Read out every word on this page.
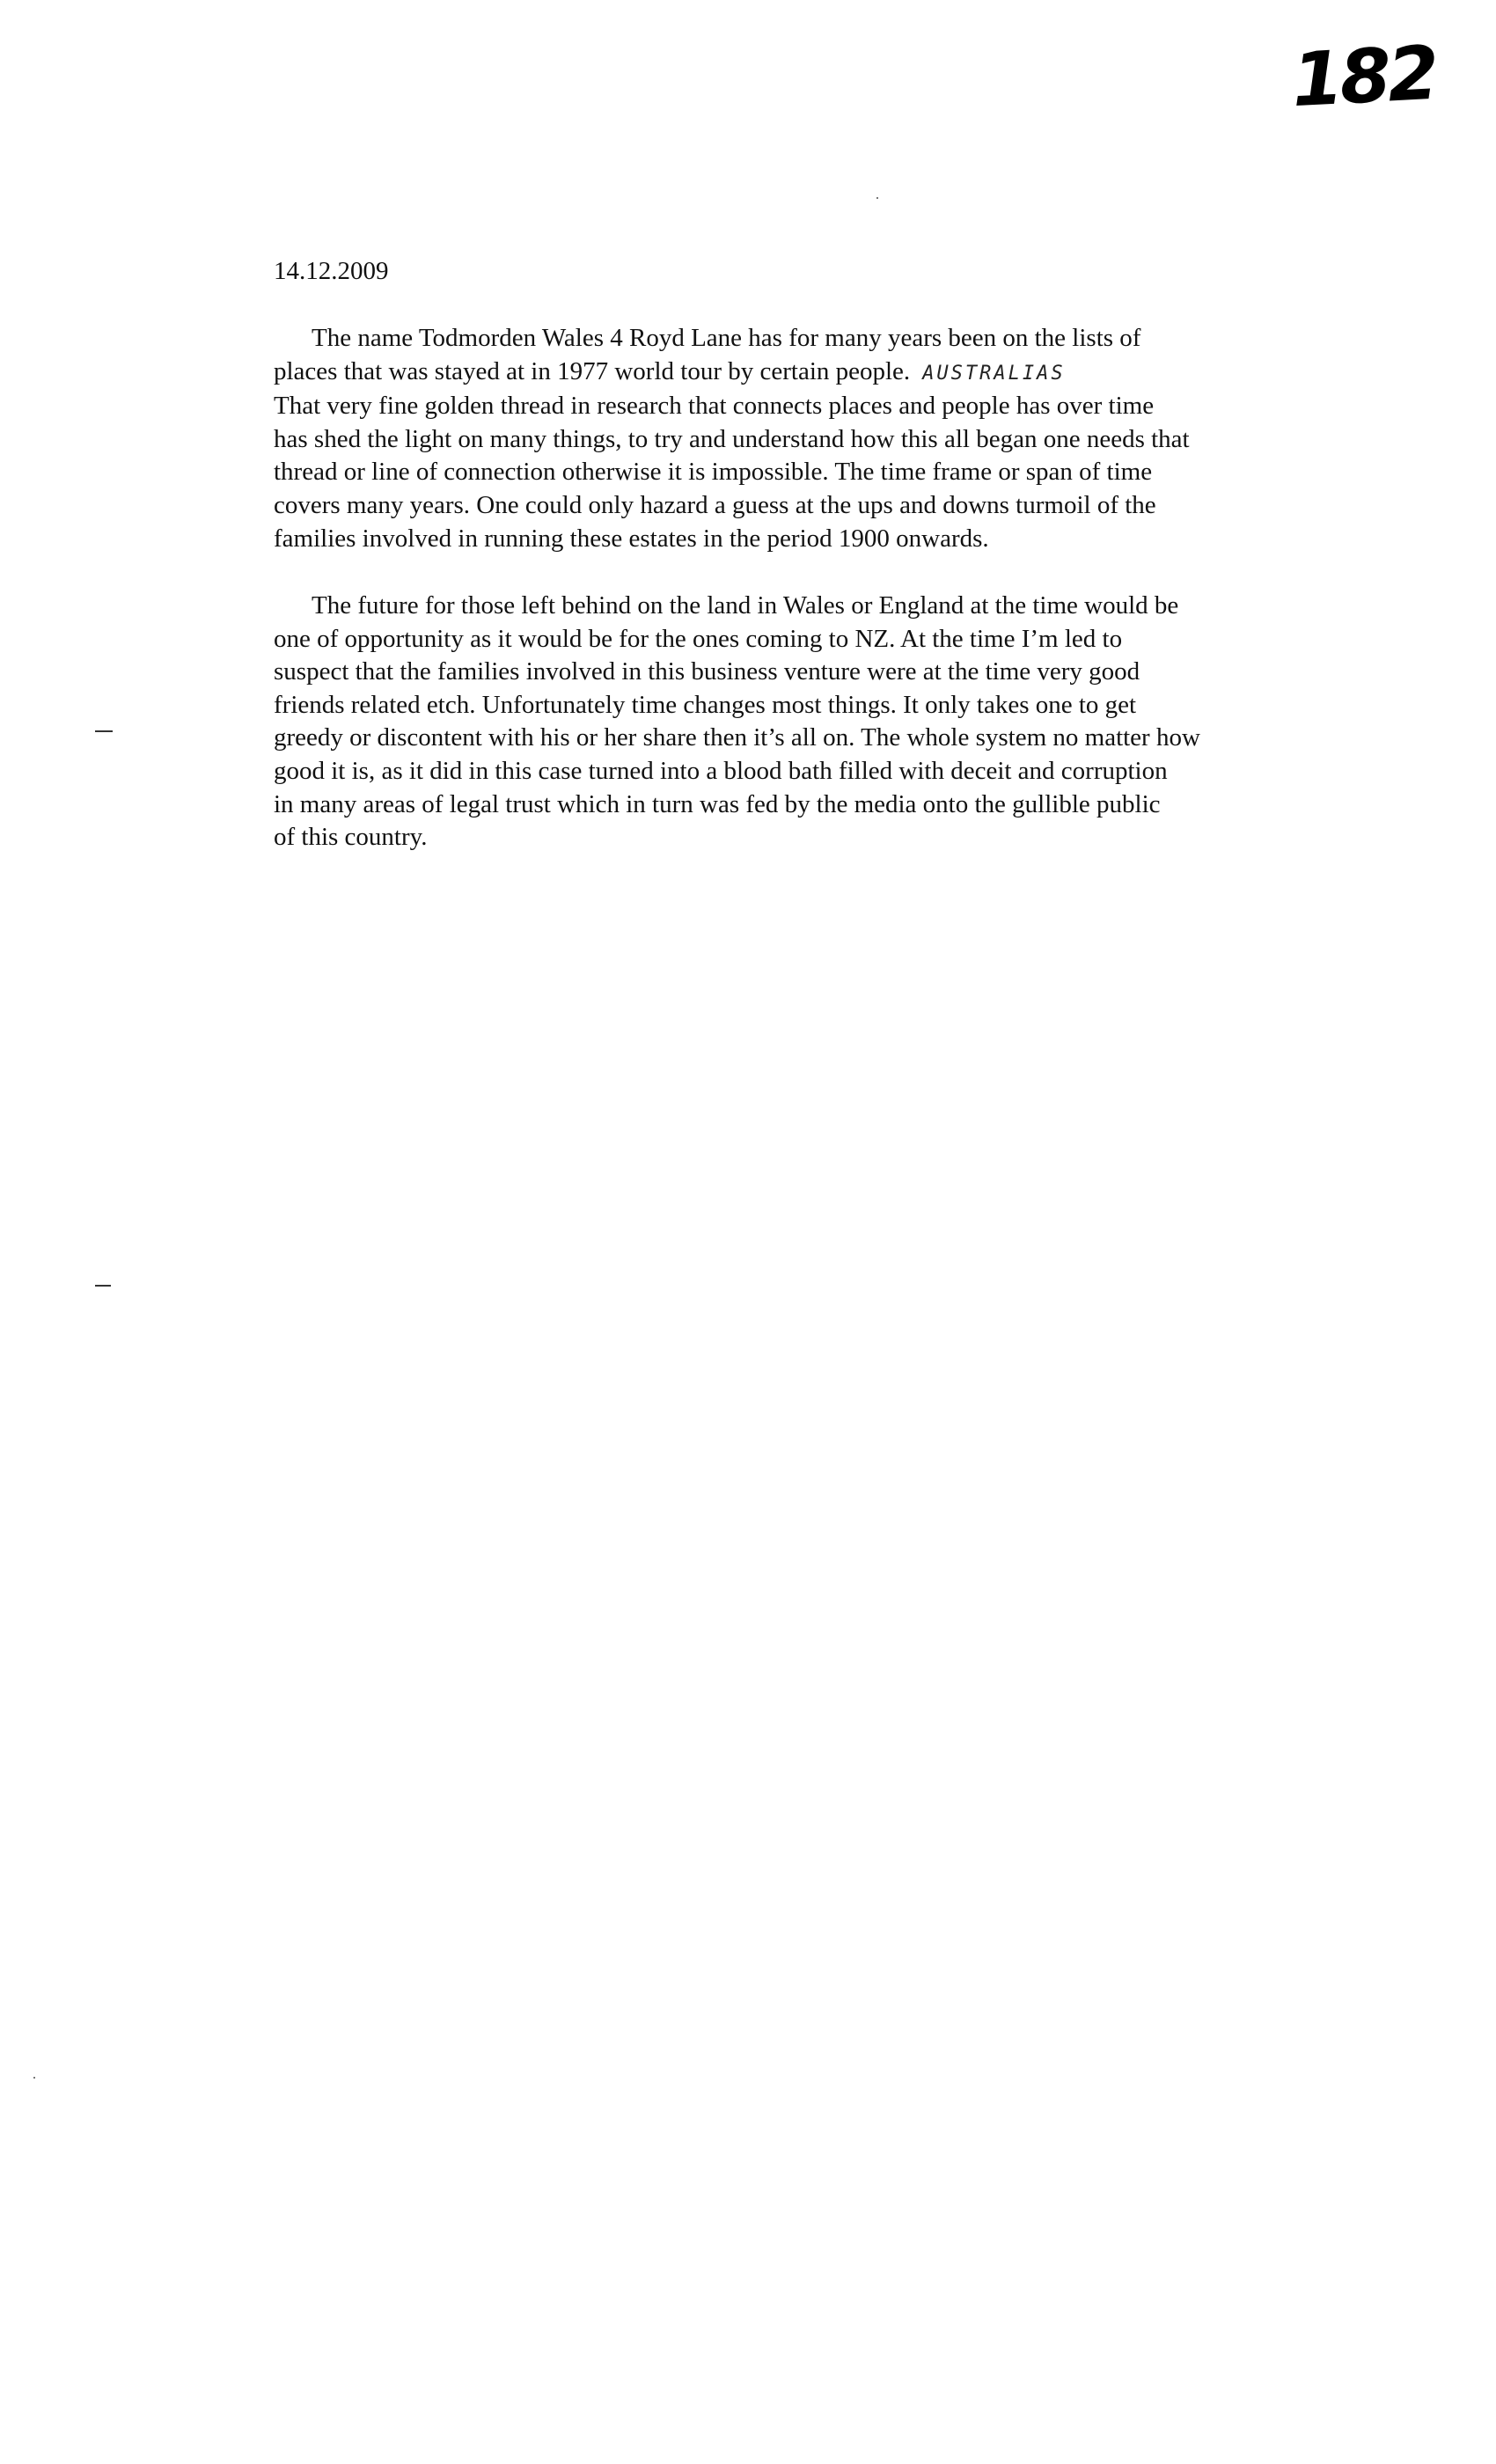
182
14.12.2009
The name Todmorden Wales 4 Royd Lane has for many years been on the lists of
places that was stayed at in 1977 world tour by certain people. AUSTRALIAS
That very fine golden thread in research that connects places and people has over time
has shed the light on many things, to try and understand how this all began one needs that
thread or line of connection otherwise it is impossible. The time frame or span of time
covers many years. One could only hazard a guess at the ups and downs turmoil of the
families involved in running these estates in the period 1900 onwards.
The future for those left behind on the land in Wales or England at the time would be
one of opportunity as it would be for the ones coming to NZ. At the time I’m led to
suspect that the families involved in this business venture were at the time very good
friends related etch. Unfortunately time changes most things. It only takes one to get
greedy or discontent with his or her share then it’s all on. The whole system no matter how
good it is, as it did in this case turned into a blood bath filled with deceit and corruption
in many areas of legal trust which in turn was fed by the media onto the gullible public
of this country.
